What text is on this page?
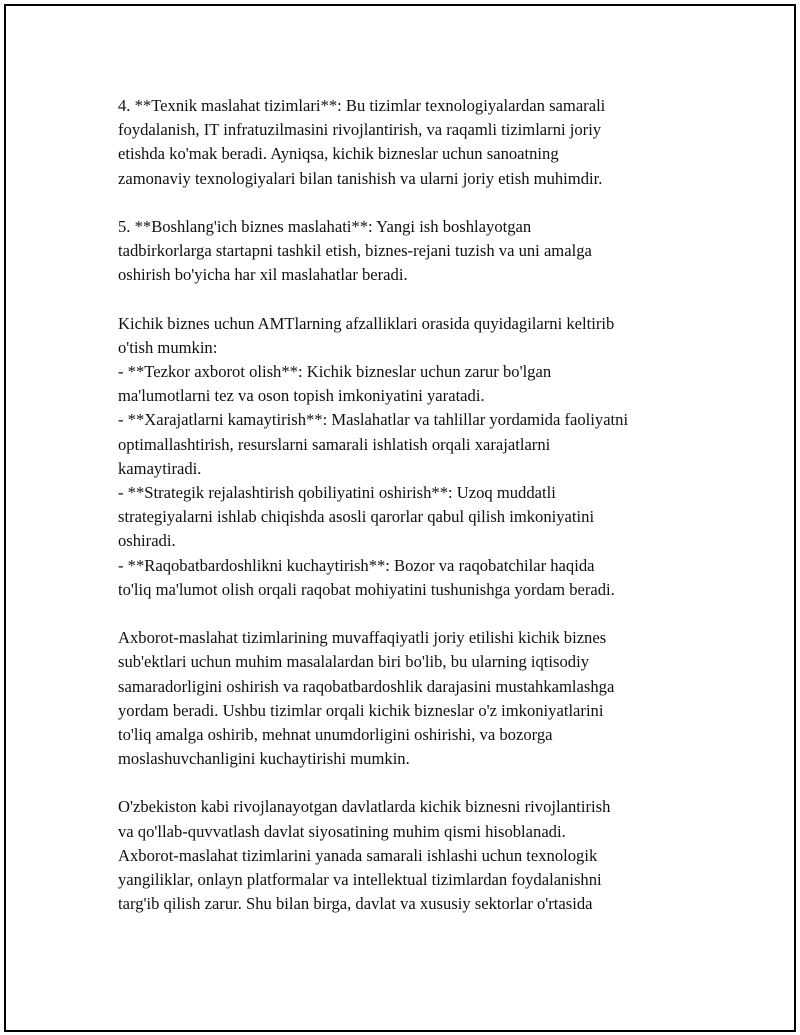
4. **Texnik maslahat tizimlari**: Bu tizimlar texnologiyalardan samarali
foydalanish, IT infratuzilmasini rivojlantirish, va raqamli tizimlarni joriy
etishda ko'mak beradi. Ayniqsa, kichik bizneslar uchun sanoatning
zamonaviy texnologiyalari bilan tanishish va ularni joriy etish muhimdir.
5. **Boshlang'ich biznes maslahati**: Yangi ish boshlayotgan
tadbirkorlarga startapni tashkil etish, biznes-rejani tuzish va uni amalga
oshirish bo'yicha har xil maslahatlar beradi.
Kichik biznes uchun AMTlarning afzalliklari orasida quyidagilarni keltirib
o'tish mumkin:
- **Tezkor axborot olish**: Kichik bizneslar uchun zarur bo'lgan
ma'lumotlarni tez va oson topish imkoniyatini yaratadi.
- **Xarajatlarni kamaytirish**: Maslahatlar va tahlillar yordamida faoliyatni
optimallashtirish, resurslarni samarali ishlatish orqali xarajatlarni
kamaytiradi.
- **Strategik rejalashtirish qobiliyatini oshirish**: Uzoq muddatli
strategiyalarni ishlab chiqishda asosli qarorlar qabul qilish imkoniyatini
oshiradi.
- **Raqobatbardoshlikni kuchaytirish**: Bozor va raqobatchilar haqida
to'liq ma'lumot olish orqali raqobat mohiyatini tushunishga yordam beradi.
Axborot-maslahat tizimlarining muvaffaqiyatli joriy etilishi kichik biznes
sub'ektlari uchun muhim masalalardan biri bo'lib, bu ularning iqtisodiy
samaradorligini oshirish va raqobatbardoshlik darajasini mustahkamlashga
yordam beradi. Ushbu tizimlar orqali kichik bizneslar o'z imkoniyatlarini
to'liq amalga oshirib, mehnat unumdorligini oshirishi, va bozorga
moslashuvchanligini kuchaytirishi mumkin.
O'zbekiston kabi rivojlanayotgan davlatlarda kichik biznesni rivojlantirish
va qo'llab-quvvatlash davlat siyosatining muhim qismi hisoblanadi.
Axborot-maslahat tizimlarini yanada samarali ishlashi uchun texnologik
yangiliklar, onlayn platformalar va intellektual tizimlardan foydalanishni
targ'ib qilish zarur. Shu bilan birga, davlat va xususiy sektorlar o'rtasida
